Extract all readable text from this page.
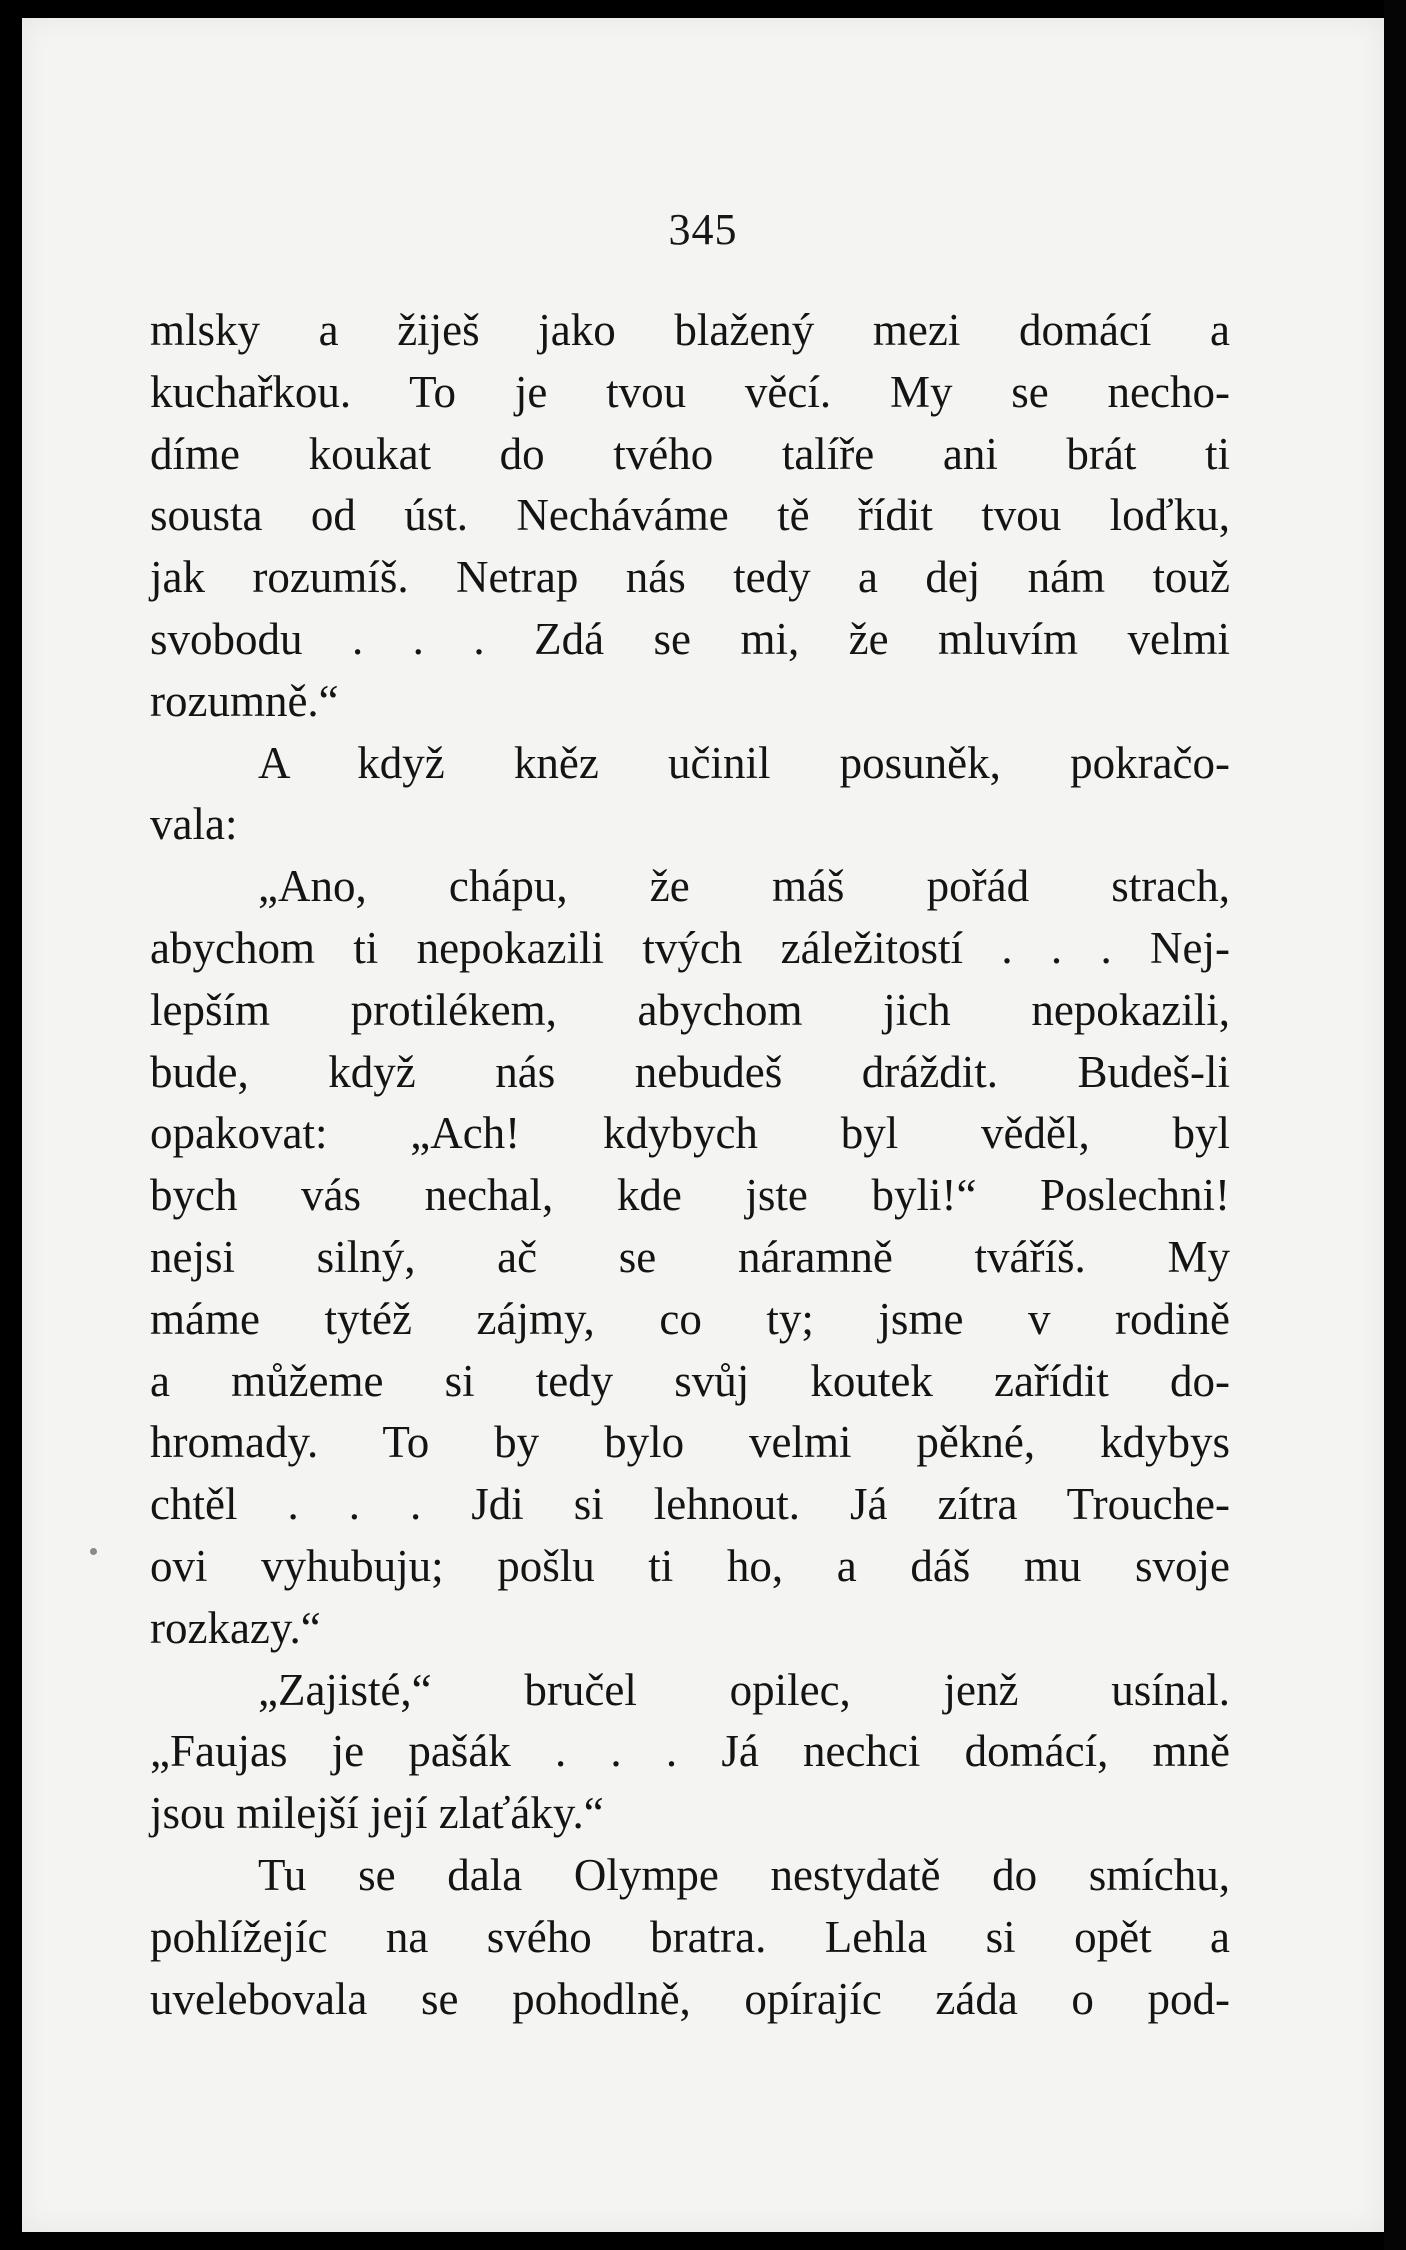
345
mlsky a žiješ jako blažený mezi domácí a
kuchařkou. To je tvou věcí. My se necho-
díme koukat do tvého talíře ani brát ti
sousta od úst. Necháváme tě řídit tvou loďku,
jak rozumíš. Netrap nás tedy a dej nám touž
svobodu . . . Zdá se mi, že mluvím velmi
rozumně.“
A když kněz učinil posuněk, pokračo-
vala:
„Ano, chápu, že máš pořád strach,
abychom ti nepokazili tvých záležitostí . . . Nej-
lepším protilékem, abychom jich nepokazili,
bude, když nás nebudeš dráždit. Budeš-li
opakovat: „Ach! kdybych byl věděl, byl
bych vás nechal, kde jste byli!“ Poslechni!
nejsi silný, ač se náramně tváříš. My
máme tytéž zájmy, co ty; jsme v rodině
a můžeme si tedy svůj koutek zařídit do-
hromady. To by bylo velmi pěkné, kdybys
chtěl . . . Jdi si lehnout. Já zítra Trouche-
ovi vyhubuju; pošlu ti ho, a dáš mu svoje
rozkazy.“
„Zajisté,“ bručel opilec, jenž usínal.
„Faujas je pašák . . . Já nechci domácí, mně
jsou milejší její zlaťáky.“
Tu se dala Olympe nestydatě do smíchu,
pohlížejíc na svého bratra. Lehla si opět a
uvelebovala se pohodlně, opírajíc záda o pod-
